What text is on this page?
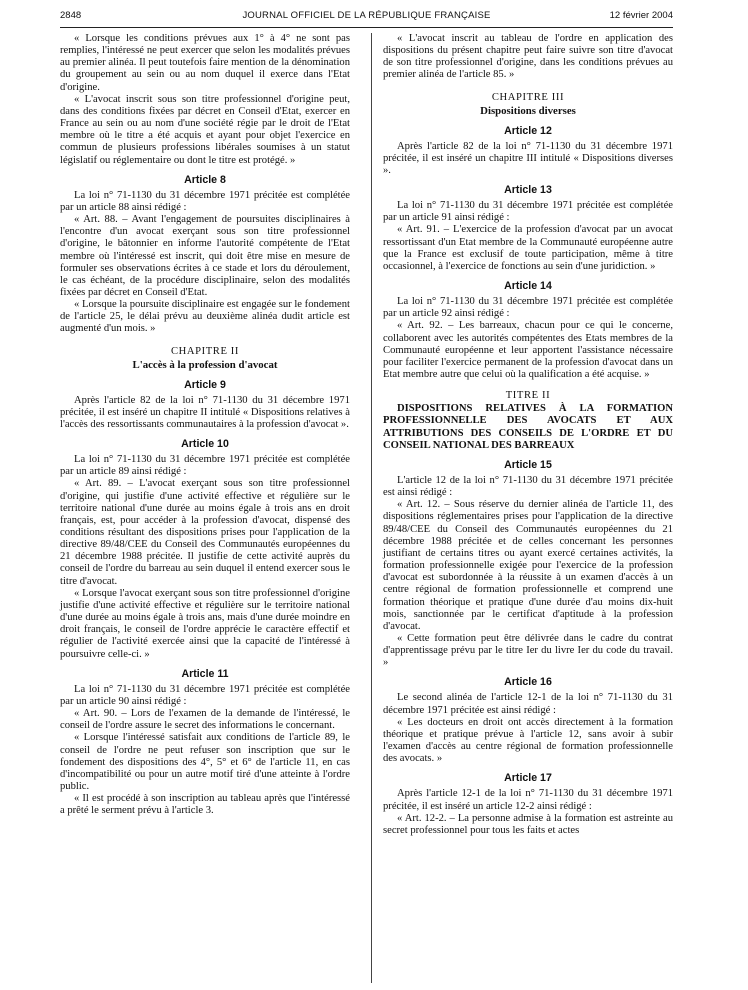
2848	JOURNAL OFFICIEL DE LA RÉPUBLIQUE FRANÇAISE	12 février 2004

« Lorsque les conditions prévues aux 1° à 4° ne sont pas remplies, l'intéressé ne peut exercer que selon les modalités prévues au premier alinéa. Il peut toutefois faire mention de la dénomination du groupement au sein ou au nom duquel il exerce dans l'Etat d'origine.

« L'avocat inscrit sous son titre professionnel d'origine peut, dans des conditions fixées par décret en Conseil d'Etat, exercer en France au sein ou au nom d'une société régie par le droit de l'Etat membre où le titre a été acquis et ayant pour objet l'exercice en commun de plusieurs professions libérales soumises à un statut législatif ou réglementaire ou dont le titre est protégé. »

Article 8

La loi n° 71-1130 du 31 décembre 1971 précitée est complétée par un article 88 ainsi rédigé :

« Art. 88. – Avant l'engagement de poursuites disciplinaires à l'encontre d'un avocat exerçant sous son titre professionnel d'origine, le bâtonnier en informe l'autorité compétente de l'Etat membre où l'intéressé est inscrit, qui doit être mise en mesure de formuler ses observations écrites à ce stade et lors du déroulement, le cas échéant, de la procédure disciplinaire, selon des modalités fixées par décret en Conseil d'Etat.

« Lorsque la poursuite disciplinaire est engagée sur le fondement de l'article 25, le délai prévu au deuxième alinéa dudit article est augmenté d'un mois. »

CHAPITRE II
L'accès à la profession d'avocat
Article 9

Après l'article 82 de la loi n° 71-1130 du 31 décembre 1971 précitée, il est inséré un chapitre II intitulé « Dispositions relatives à l'accès des ressortissants communautaires à la profession d'avocat ».

Article 10

La loi n° 71-1130 du 31 décembre 1971 précitée est complétée par un article 89 ainsi rédigé :

« Art. 89. – L'avocat exerçant sous son titre professionnel d'origine, qui justifie d'une activité effective et régulière sur le territoire national d'une durée au moins égale à trois ans en droit français, est, pour accéder à la profession d'avocat, dispensé des conditions résultant des dispositions prises pour l'application de la directive 89/48/CEE du Conseil des Communautés européennes du 21 décembre 1988 précitée. Il justifie de cette activité auprès du conseil de l'ordre du barreau au sein duquel il entend exercer sous le titre d'avocat.

« Lorsque l'avocat exerçant sous son titre professionnel d'origine justifie d'une activité effective et régulière sur le territoire national d'une durée au moins égale à trois ans, mais d'une durée moindre en droit français, le conseil de l'ordre apprécie le caractère effectif et régulier de l'activité exercée ainsi que la capacité de l'intéressé à poursuivre celle-ci. »

Article 11

La loi n° 71-1130 du 31 décembre 1971 précitée est complétée par un article 90 ainsi rédigé :

« Art. 90. – Lors de l'examen de la demande de l'intéressé, le conseil de l'ordre assure le secret des informations le concernant.

« Lorsque l'intéressé satisfait aux conditions de l'article 89, le conseil de l'ordre ne peut refuser son inscription que sur le fondement des dispositions des 4°, 5° et 6° de l'article 11, en cas d'incompatibilité ou pour un autre motif tiré d'une atteinte à l'ordre public.

« Il est procédé à son inscription au tableau après que l'intéressé a prêté le serment prévu à l'article 3.

« L'avocat inscrit au tableau de l'ordre en application des dispositions du présent chapitre peut faire suivre son titre d'avocat de son titre professionnel d'origine, dans les conditions prévues au premier alinéa de l'article 85. »

CHAPITRE III
Dispositions diverses
Article 12

Après l'article 82 de la loi n° 71-1130 du 31 décembre 1971 précitée, il est inséré un chapitre III intitulé « Dispositions diverses ».

Article 13

La loi n° 71-1130 du 31 décembre 1971 précitée est complétée par un article 91 ainsi rédigé :

« Art. 91. – L'exercice de la profession d'avocat par un avocat ressortissant d'un Etat membre de la Communauté européenne autre que la France est exclusif de toute participation, même à titre occasionnel, à l'exercice de fonctions au sein d'une juridiction. »

Article 14

La loi n° 71-1130 du 31 décembre 1971 précitée est complétée par un article 92 ainsi rédigé :

« Art. 92. – Les barreaux, chacun pour ce qui le concerne, collaborent avec les autorités compétentes des Etats membres de la Communauté européenne et leur apportent l'assistance nécessaire pour faciliter l'exercice permanent de la profession d'avocat dans un Etat membre autre que celui où la qualification a été acquise. »

TITRE II
DISPOSITIONS RELATIVES À LA FORMATION PROFESSIONNELLE DES AVOCATS ET AUX ATTRIBUTIONS DES CONSEILS DE L'ORDRE ET DU CONSEIL NATIONAL DES BARREAUX
Article 15

L'article 12 de la loi n° 71-1130 du 31 décembre 1971 précitée est ainsi rédigé :

« Art. 12. – Sous réserve du dernier alinéa de l'article 11, des dispositions réglementaires prises pour l'application de la directive 89/48/CEE du Conseil des Communautés européennes du 21 décembre 1988 précitée et de celles concernant les personnes justifiant de certains titres ou ayant exercé certaines activités, la formation professionnelle exigée pour l'exercice de la profession d'avocat est subordonnée à la réussite à un examen d'accès à un centre régional de formation professionnelle et comprend une formation théorique et pratique d'une durée d'au moins dix-huit mois, sanctionnée par le certificat d'aptitude à la profession d'avocat.

« Cette formation peut être délivrée dans le cadre du contrat d'apprentissage prévu par le titre Ier du livre Ier du code du travail. »

Article 16

Le second alinéa de l'article 12-1 de la loi n° 71-1130 du 31 décembre 1971 précitée est ainsi rédigé :

« Les docteurs en droit ont accès directement à la formation théorique et pratique prévue à l'article 12, sans avoir à subir l'examen d'accès au centre régional de formation professionnelle des avocats. »

Article 17

Après l'article 12-1 de la loi n° 71-1130 du 31 décembre 1971 précitée, il est inséré un article 12-2 ainsi rédigé :

« Art. 12-2. – La personne admise à la formation est astreinte au secret professionnel pour tous les faits et actes
